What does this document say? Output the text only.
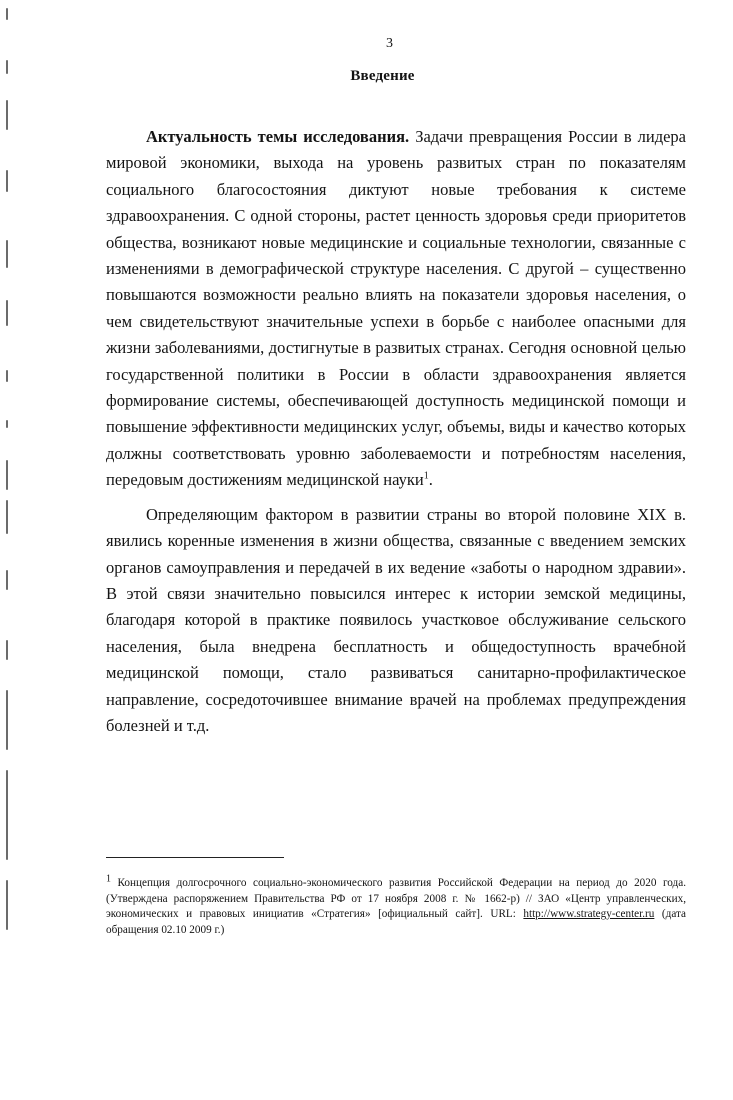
3
Введение

Актуальность темы исследования. Задачи превращения России в лидера мировой экономики, выхода на уровень развитых стран по показателям социального благосостояния диктуют новые требования к системе здравоохранения. С одной стороны, растет ценность здоровья среди приоритетов общества, возникают новые медицинские и социальные технологии, связанные с изменениями в демографической структуре населения. С другой – существенно повышаются возможности реально влиять на показатели здоровья населения, о чем свидетельствуют значительные успехи в борьбе с наиболее опасными для жизни заболеваниями, достигнутые в развитых странах. Сегодня основной целью государственной политики в России в области здравоохранения является формирование системы, обеспечивающей доступность медицинской помощи и повышение эффективности медицинских услуг, объемы, виды и качество которых должны соответствовать уровню заболеваемости и потребностям населения, передовым достижениям медицинской науки$^1$.

Определяющим фактором в развитии страны во второй половине XIX в. явились коренные изменения в жизни общества, связанные с введением земских органов самоуправления и передачей в их ведение «заботы о народном здравии». В этой связи значительно повысился интерес к истории земской медицины, благодаря которой в практике появилось участковое обслуживание сельского населения, была внедрена бесплатность и общедоступность врачебной медицинской помощи, стало развиваться санитарно-профилактическое направление, сосредоточившее внимание врачей на проблемах предупреждения болезней и т.д.

$^1$ Концепция долгосрочного социально-экономического развития Российской Федерации на период до 2020 года. (Утверждена распоряжением Правительства РФ от 17 ноября 2008 г. № 1662-р) // ЗАО «Центр управленческих, экономических и правовых инициатив «Стратегия» [официальный сайт]. URL: http://www.strategy-center.ru (дата обращения 02.10 2009 г.)
